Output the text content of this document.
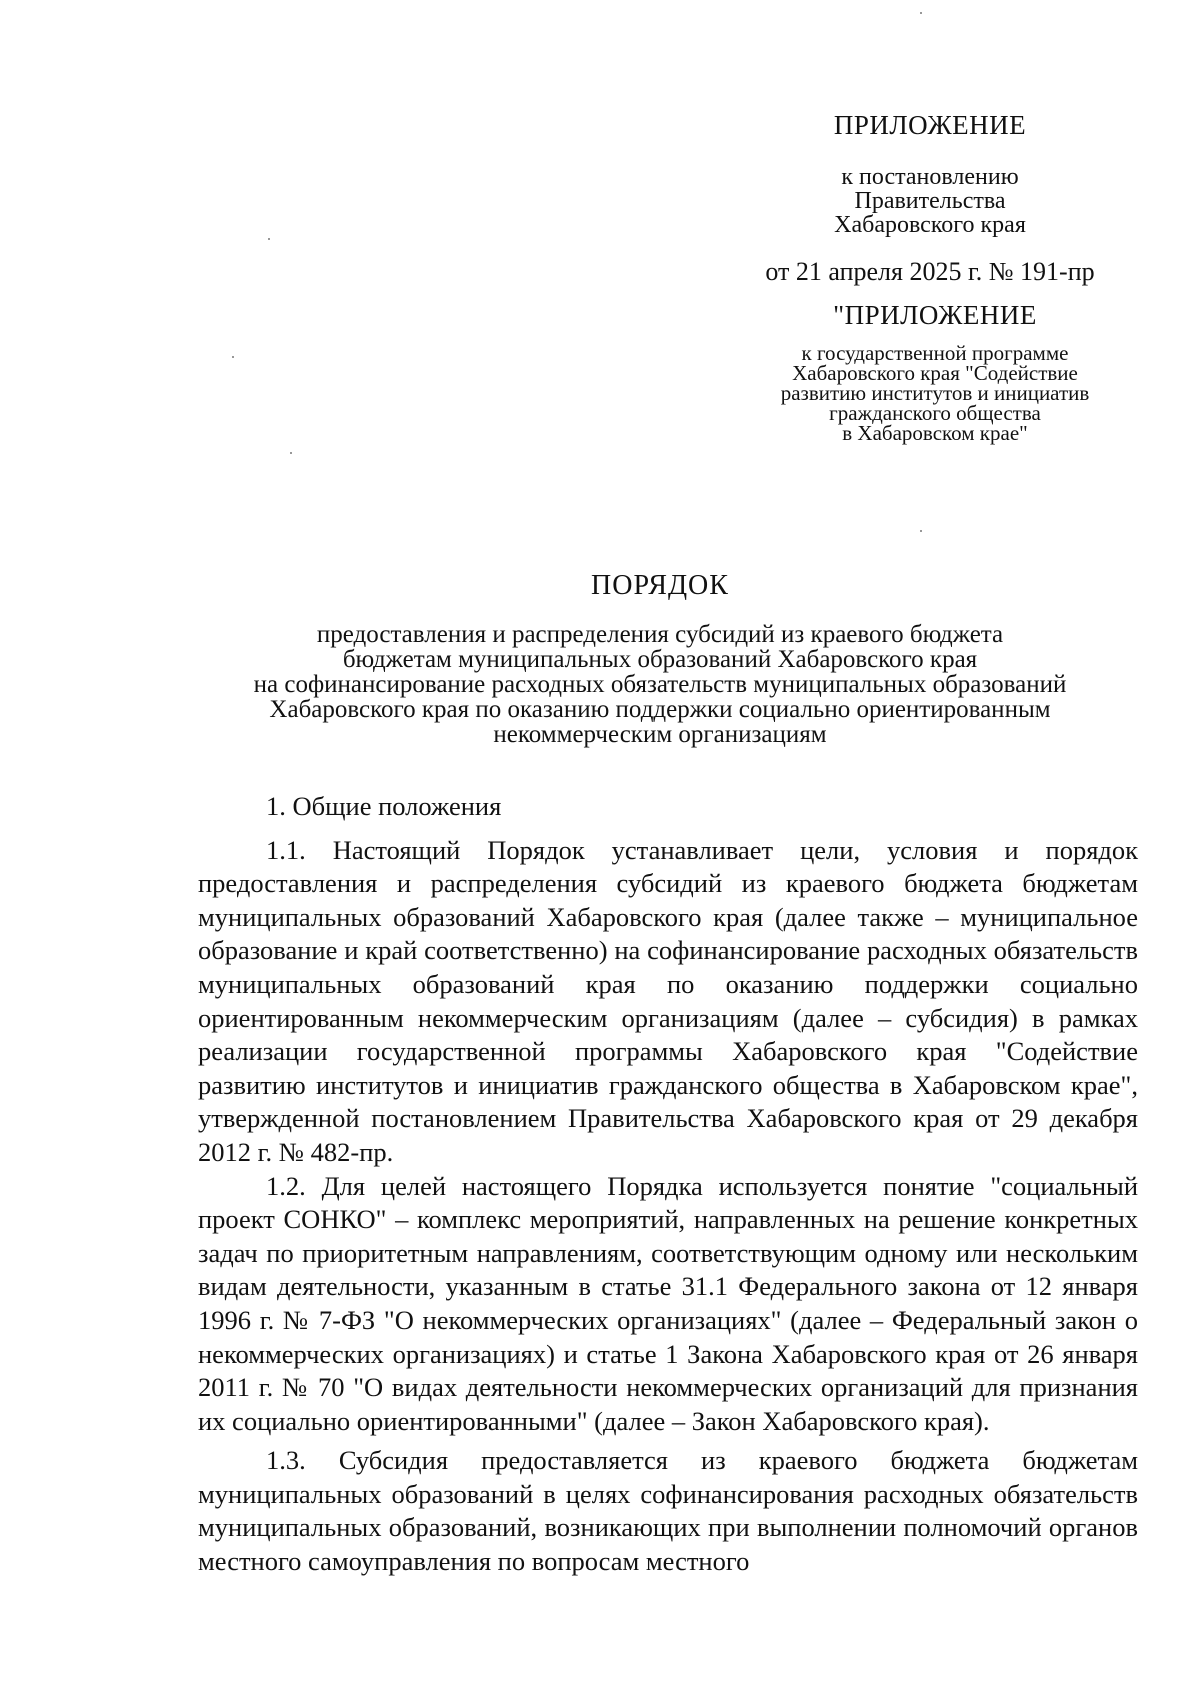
ПРИЛОЖЕНИЕ
к постановлению
Правительства
Хабаровского края
от 21 апреля 2025 г. № 191-пр
"ПРИЛОЖЕНИЕ
к государственной программе
Хабаровского края "Содействие
развитию институтов и инициатив
гражданского общества
в Хабаровском крае"
ПОРЯДОК
предоставления и распределения субсидий из краевого бюджета
бюджетам муниципальных образований Хабаровского края
на софинансирование расходных обязательств муниципальных образований
Хабаровского края по оказанию поддержки социально ориентированным
некоммерческим организациям
1. Общие положения

1.1. Настоящий Порядок устанавливает цели, условия и порядок предоставления и распределения субсидий из краевого бюджета бюджетам муниципальных образований Хабаровского края (далее также – муниципальное образование и край соответственно) на софинансирование расходных обязательств муниципальных образований края по оказанию поддержки социально ориентированным некоммерческим организациям (далее – субсидия) в рамках реализации государственной программы Хабаровского края "Содействие развитию институтов и инициатив гражданского общества в Хабаровском крае", утвержденной постановлением Правительства Хабаровского края от 29 декабря 2012 г. № 482-пр.

1.2. Для целей настоящего Порядка используется понятие "социальный проект СОНКО" – комплекс мероприятий, направленных на решение конкретных задач по приоритетным направлениям, соответствующим одному или нескольким видам деятельности, указанным в статье 31.1 Федерального закона от 12 января 1996 г. № 7-ФЗ "О некоммерческих организациях" (далее – Федеральный закон о некоммерческих организациях) и статье 1 Закона Хабаровского края от 26 января 2011 г. № 70 "О видах деятельности некоммерческих организаций для признания их социально ориентированными" (далее – Закон Хабаровского края).

1.3. Субсидия предоставляется из краевого бюджета бюджетам муниципальных образований в целях софинансирования расходных обязательств муниципальных образований, возникающих при выполнении полномочий органов местного самоуправления по вопросам местного
